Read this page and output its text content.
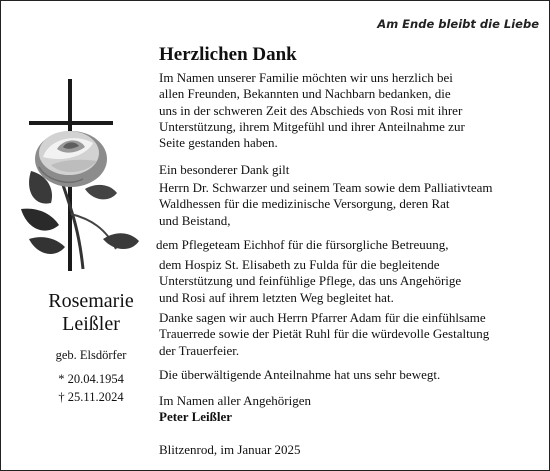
Am Ende bleibt die Liebe
Rosemarie
Leißler
geb. Elsdörfer
* 20.04.1954
† 25.11.2024
Herzlichen Dank

Im Namen unserer Familie möchten wir uns herzlich bei
allen Freunden, Bekannten und Nachbarn bedanken, die
uns in der schweren Zeit des Abschieds von Rosi mit ihrer
Unterstützung, ihrem Mitgefühl und ihrer Anteilnahme zur
Seite gestanden haben.

Ein besonderer Dank gilt

Herrn Dr. Schwarzer und seinem Team sowie dem Palliativteam
Waldhessen für die medizinische Versorgung, deren Rat
und Beistand,

dem Pflegeteam Eichhof für die fürsorgliche Betreuung,

dem Hospiz St. Elisabeth zu Fulda für die begleitende
Unterstützung und feinfühlige Pflege, das uns Angehörige
und Rosi auf ihrem letzten Weg begleitet hat.

Danke sagen wir auch Herrn Pfarrer Adam für die einfühlsame
Trauerrede sowie der Pietät Ruhl für die würdevolle Gestaltung
der Trauerfeier.

Die überwältigende Anteilnahme hat uns sehr bewegt.

Im Namen aller Angehörigen

Peter Leißler

Blitzenrod, im Januar 2025
